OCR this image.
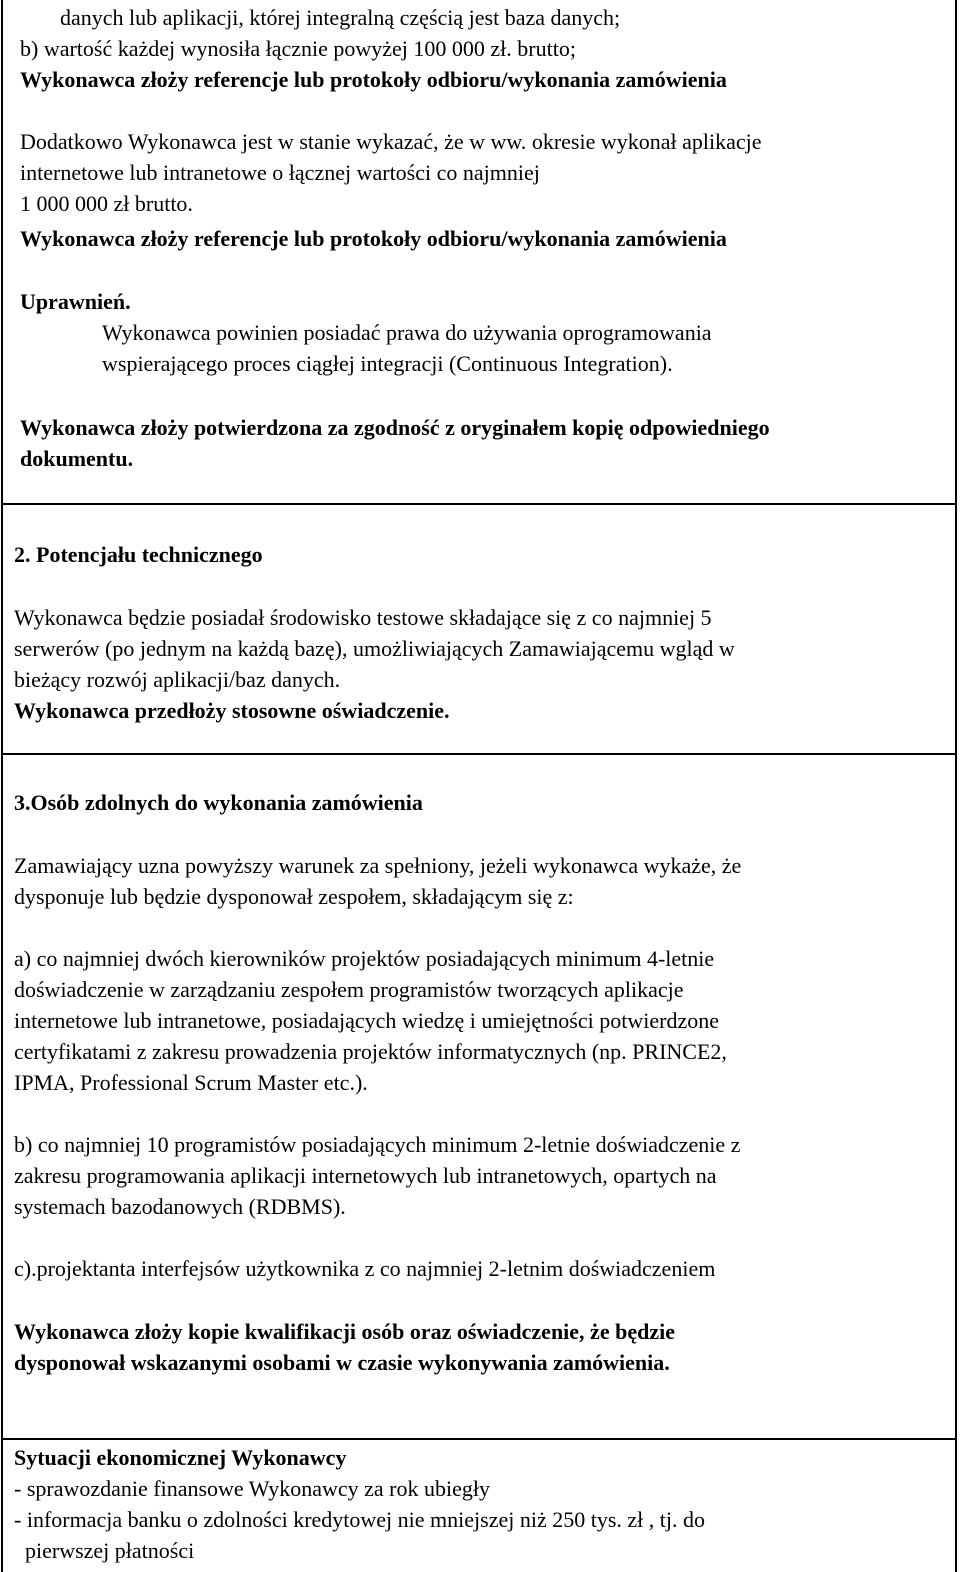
danych lub aplikacji, której integralną częścią jest baza danych;
b) wartość każdej wynosiła łącznie powyżej 100 000 zł. brutto;
Wykonawca złoży referencje lub protokoły odbioru/wykonania zamówienia
Dodatkowo Wykonawca jest w stanie wykazać, że w ww. okresie wykonał aplikacje
internetowe lub intranetowe o łącznej wartości co najmniej
1 000 000 zł brutto.
Wykonawca złoży referencje lub protokoły odbioru/wykonania zamówienia
Uprawnień.
Wykonawca powinien posiadać prawa do używania oprogramowania
wspierającego proces ciągłej integracji (Continuous Integration).
Wykonawca złoży potwierdzona za zgodność z oryginałem kopię odpowiedniego
dokumentu.
2. Potencjału technicznego
Wykonawca będzie posiadał środowisko testowe składające się z co najmniej 5
serwerów (po jednym na każdą bazę), umożliwiających Zamawiającemu wgląd w
bieżący rozwój aplikacji/baz danych.
Wykonawca przedłoży stosowne oświadczenie.
3.Osób zdolnych do wykonania zamówienia
Zamawiający uzna powyższy warunek za spełniony, jeżeli wykonawca wykaże, że
dysponuje lub będzie dysponował zespołem, składającym się z:
a) co najmniej dwóch kierowników projektów posiadających minimum 4-letnie
doświadczenie w zarządzaniu zespołem programistów tworzących aplikacje
internetowe lub intranetowe, posiadających wiedzę i umiejętności potwierdzone
certyfikatami z zakresu prowadzenia projektów informatycznych (np. PRINCE2,
IPMA, Professional Scrum Master etc.).
b) co najmniej 10 programistów posiadających minimum 2-letnie doświadczenie z
zakresu programowania aplikacji internetowych lub intranetowych, opartych na
systemach bazodanowych (RDBMS).
c).projektanta interfejsów użytkownika z co najmniej 2-letnim doświadczeniem
Wykonawca złoży kopie kwalifikacji osób oraz oświadczenie, że będzie
dysponował wskazanymi osobami w czasie wykonywania zamówienia.
Sytuacji ekonomicznej Wykonawcy
- sprawozdanie finansowe Wykonawcy za rok ubiegły
- informacja banku o zdolności kredytowej nie mniejszej niż 250 tys. zł , tj. do
pierwszej płatności
